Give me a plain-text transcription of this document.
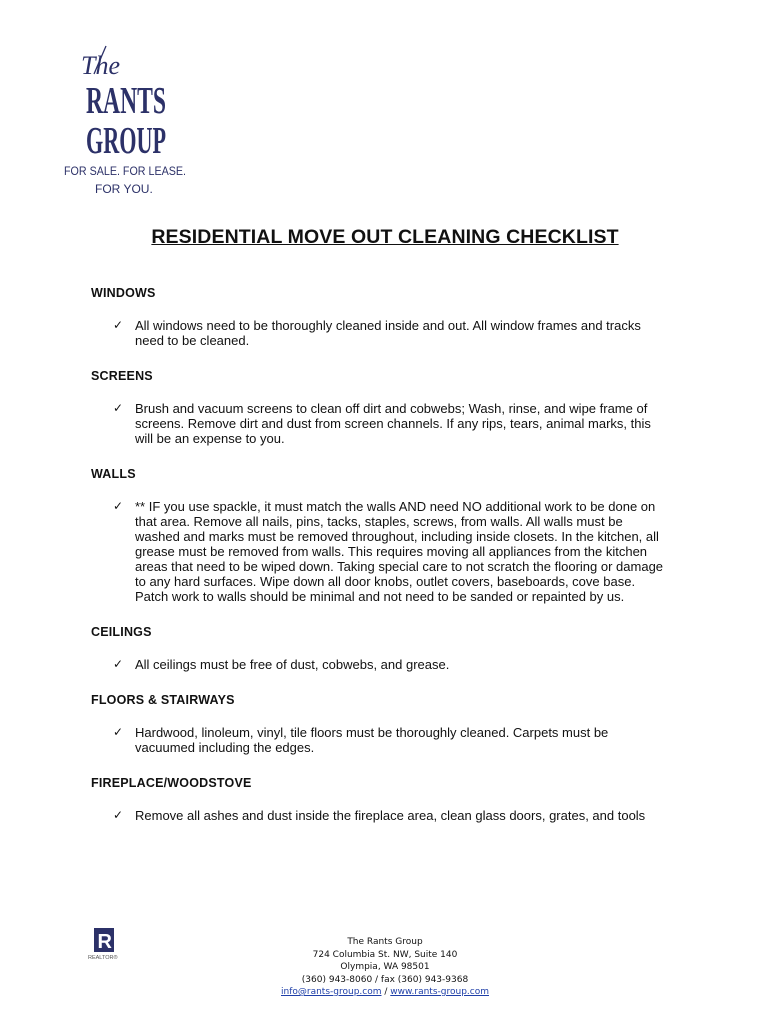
The
RANTS
GROUP
FOR SALE. FOR LEASE.
FOR YOU.
RESIDENTIAL MOVE OUT CLEANING CHECKLIST
WINDOWS
✓ All windows need to be thoroughly cleaned inside and out. All window frames and tracks need to be cleaned.
SCREENS
✓ Brush and vacuum screens to clean off dirt and cobwebs; Wash, rinse, and wipe frame of screens. Remove dirt and dust from screen channels. If any rips, tears, animal marks, this will be an expense to you.
WALLS
✓ ** IF you use spackle, it must match the walls AND need NO additional work to be done on that area. Remove all nails, pins, tacks, staples, screws, from walls. All walls must be washed and marks must be removed throughout, including inside closets. In the kitchen, all grease must be removed from walls. This requires moving all appliances from the kitchen areas that need to be wiped down. Taking special care to not scratch the flooring or damage to any hard surfaces. Wipe down all door knobs, outlet covers, baseboards, cove base. Patch work to walls should be minimal and not need to be sanded or repainted by us.
CEILINGS
✓ All ceilings must be free of dust, cobwebs, and grease.
FLOORS & STAIRWAYS
✓ Hardwood, linoleum, vinyl, tile floors must be thoroughly cleaned. Carpets must be vacuumed including the edges.
FIREPLACE/WOODSTOVE
✓ Remove all ashes and dust inside the fireplace area, clean glass doors, grates, and tools
R
REALTOR®
The Rants Group
724 Columbia St. NW, Suite 140
Olympia, WA 98501
(360) 943-8060 / fax (360) 943-9368
info@rants-group.com / www.rants-group.com
